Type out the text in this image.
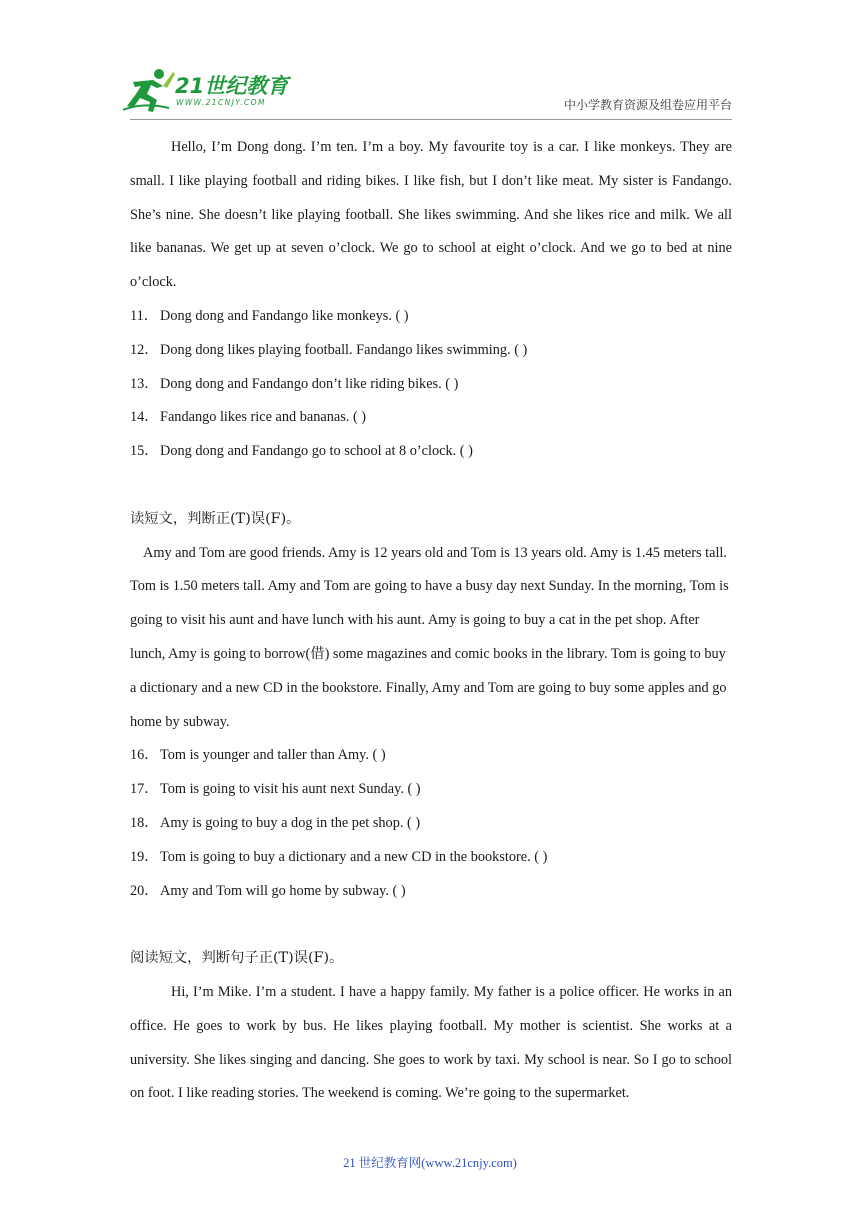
21世纪教育
WWW.21CNJY.COM	中小学教育资源及组卷应用平台

Hello, I’m Dong dong. I’m ten. I’m a boy. My favourite toy is a car. I like monkeys. They are small. I like playing football and riding bikes. I like fish, but I don’t like meat. My sister is Fandango. She’s nine. She doesn’t like playing football. She likes swimming. And she likes rice and milk. We all like bananas. We get up at seven o’clock. We go to school at eight o’clock. And we go to bed at nine o’clock.

11． Dong dong and Fandango like monkeys. ( )

12．Dong dong likes playing football. Fandango likes swimming. ( )

13．Dong dong and Fandango don’t like riding bikes. ( )

14．Fandango likes rice and bananas. ( )

15．Dong dong and Fandango go to school at 8 o’clock. ( )

读短文，判断正(T)误(F)。

Amy and Tom are good friends. Amy is 12 years old and Tom is 13 years old. Amy is 1.45 meters tall. Tom is 1.50 meters tall. Amy and Tom are going to have a busy day next Sunday. In the morning, Tom is going to visit his aunt and have lunch with his aunt. Amy is going to buy a cat in the pet shop. After lunch, Amy is going to borrow(借) some magazines and comic books in the library. Tom is going to buy a dictionary and a new CD in the bookstore. Finally, Amy and Tom are going to buy some apples and go home by subway.

16．Tom is younger and taller than Amy. ( )

17．Tom is going to visit his aunt next Sunday. ( )

18．Amy is going to buy a dog in the pet shop. ( )

19．Tom is going to buy a dictionary and a new CD in the bookstore. ( )

20．Amy and Tom will go home by subway. ( )

阅读短文，判断句子正(T)误(F)。

Hi, I’m Mike. I’m a student. I have a happy family. My father is a police officer. He works in an office. He goes to work by bus. He likes playing football. My mother is scientist. She works at a university. She likes singing and dancing. She goes to work by taxi. My school is near. So I go to school on foot. I like reading stories. The weekend is coming. We’re going to the supermarket.

21 世纪教育网(www.21cnjy.com)
